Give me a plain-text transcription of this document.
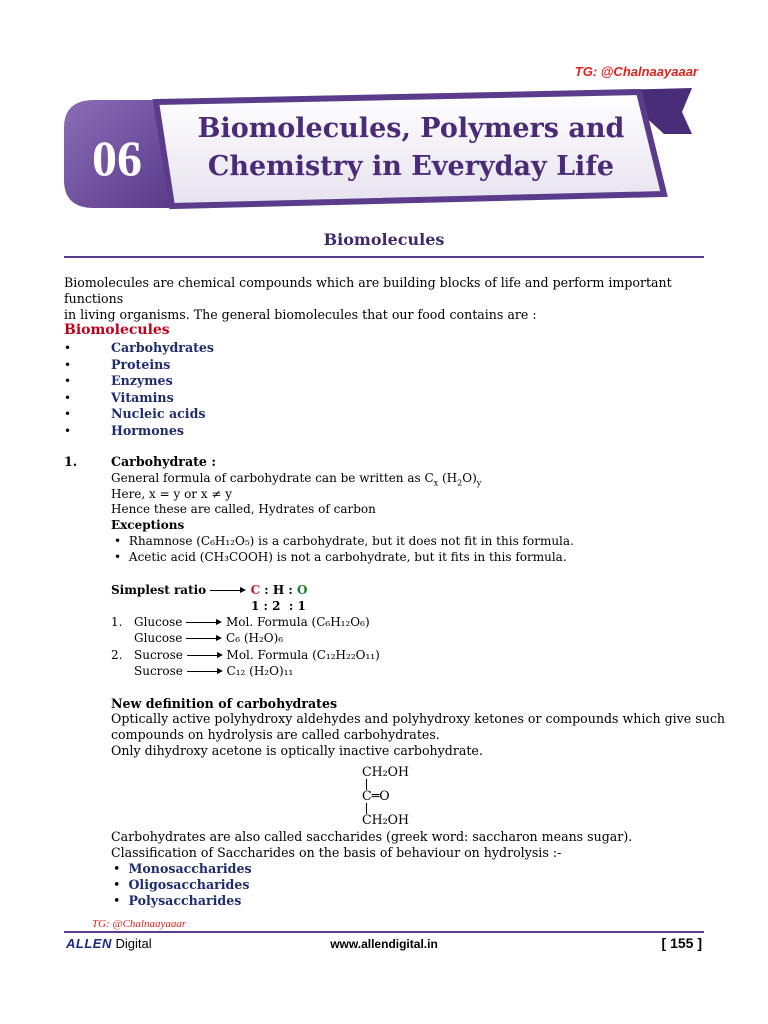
TG: @Chalnaayaaar
06
Biomolecules, Polymers and
Chemistry in Everyday Life
Biomolecules
Biomolecules are chemical compounds which are building blocks of life and perform important functions
in living organisms. The general biomolecules that our food contains are :
Biomolecules
•	Carbohydrates
•	Proteins
•	Enzymes
•	Vitamins
•	Nucleic acids
•	Hormones
1.	Carbohydrate :
General formula of carbohydrate can be written as $C_x$ $(H_2O)_y$
Here, x = y or x ≠ y
Hence these are called, Hydrates of carbon
Exceptions
• Rhamnose (C₆H₁₂O₅) is a carbohydrate, but it does not fit in this formula.
• Acetic acid (CH₃COOH) is not a carbohydrate, but it fits in this formula.
Simplest ratio	C : H : O
1 : 2  : 1
1. Glucose	Mol. Formula (C₆H₁₂O₆)
Glucose	C₆ (H₂O)₆
2. Sucrose	Mol. Formula (C₁₂H₂₂O₁₁)
Sucrose	C₁₂ (H₂O)₁₁
New definition of carbohydrates
Optically active polyhydroxy aldehydes and polyhydroxy ketones or compounds which give such
compounds on hydrolysis are called carbohydrates.
Only dihydroxy acetone is optically inactive carbohydrate.
CH₂OH
C═O
CH₂OH
Carbohydrates are also called saccharides (greek word: saccharon means sugar).
Classification of Saccharides on the basis of behaviour on hydrolysis :-
• Monosaccharides
• Oligosaccharides
• Polysaccharides
TG: @Chalnaayaaar
ALLEN Digital	www.allendigital.in	[ 155 ]
